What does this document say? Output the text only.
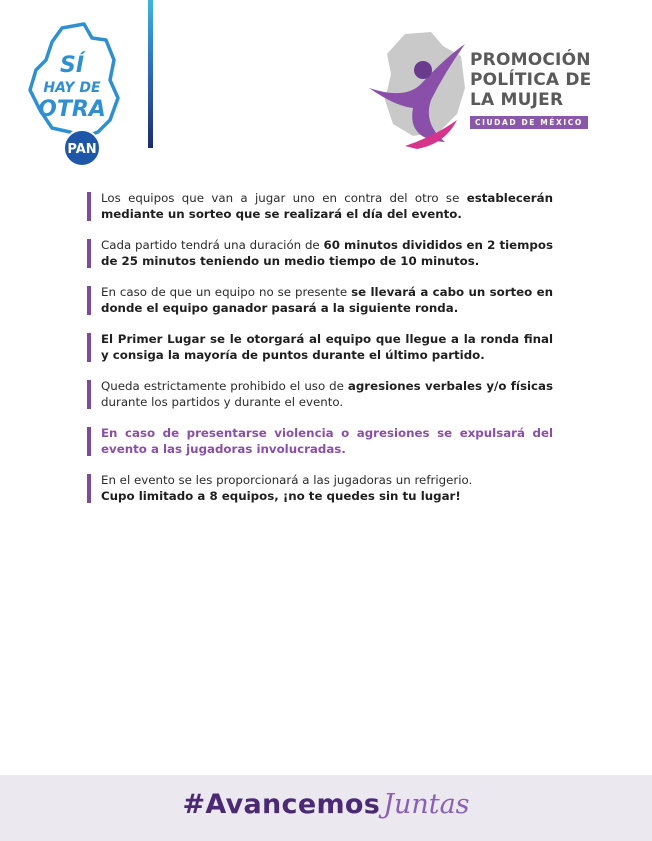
SÍ
HAY DE
OTRA
PAN
PROMOCIÓN
POLÍTICA DE
LA MUJER
CIUDAD DE MÉXICO
Los equipos que van a jugar uno en contra del otro se establecerán mediante un sorteo que se realizará el día del evento.
Cada partido tendrá una duración de 60 minutos divididos en 2 tiempos de 25 minutos teniendo un medio tiempo de 10 minutos.
En caso de que un equipo no se presente se llevará a cabo un sorteo en donde el equipo ganador pasará a la siguiente ronda.
El Primer Lugar se le otorgará al equipo que llegue a la ronda final y consiga la mayoría de puntos durante el último partido.
Queda estrictamente prohibido el uso de agresiones verbales y/o físicas durante los partidos y durante el evento.
En caso de presentarse violencia o agresiones se expulsará del evento a las jugadoras involucradas.
En el evento se les proporcionará a las jugadoras un refrigerio.
Cupo limitado a 8 equipos, ¡no te quedes sin tu lugar!
#Avancemos Juntas
